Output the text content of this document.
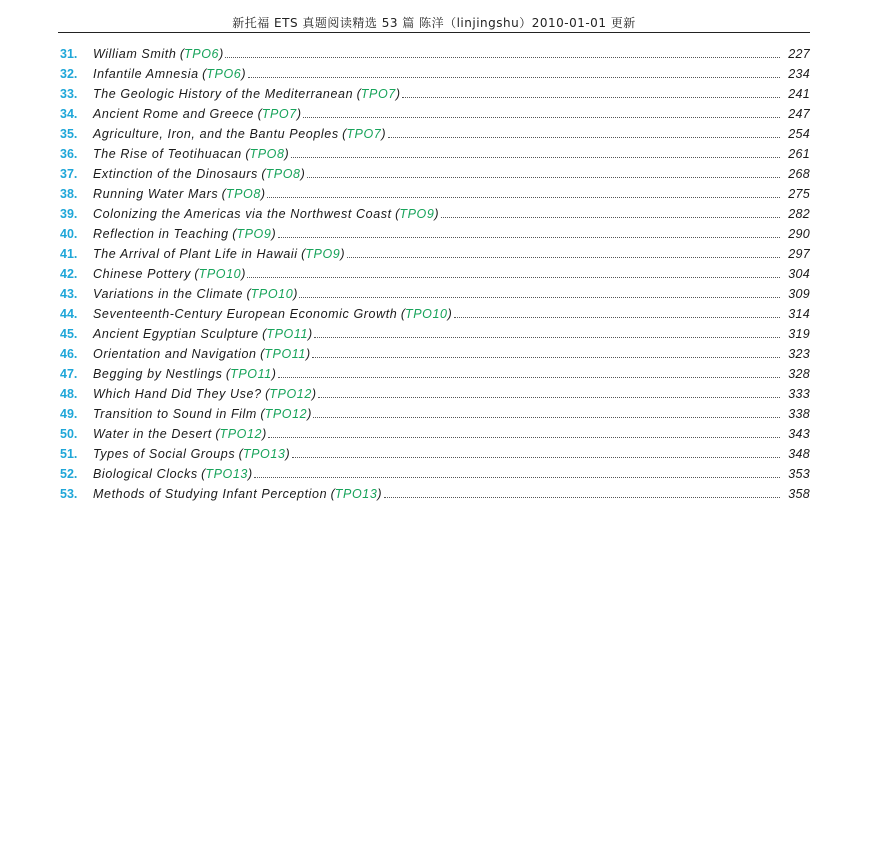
新托福 ETS 真题阅读精选 53 篇 陈洋（linjingshu）2010-01-01 更新
31.	William Smith ( TPO6 )	227
32.	Infantile Amnesia ( TPO6 )	234
33.	The Geologic History of the Mediterranean ( TPO7 )	241
34.	Ancient Rome and Greece ( TPO7 )	247
35.	Agriculture, Iron, and the Bantu Peoples ( TPO7 )	254
36.	The Rise of Teotihuacan ( TPO8 )	261
37.	Extinction of the Dinosaurs ( TPO8 )	268
38.	Running Water Mars ( TPO8 )	275
39.	Colonizing the Americas via the Northwest Coast ( TPO9 )	282
40.	Reflection in Teaching ( TPO9 )	290
41.	The Arrival of Plant Life in Hawaii ( TPO9 )	297
42.	Chinese Pottery ( TPO10 )	304
43.	Variations in the Climate ( TPO10 )	309
44.	Seventeenth-Century European Economic Growth ( TPO10 )	314
45.	Ancient Egyptian Sculpture ( TPO11 )	319
46.	Orientation and Navigation ( TPO11 )	323
47.	Begging by Nestlings ( TPO11 )	328
48.	Which Hand Did They Use? ( TPO12 )	333
49.	Transition to Sound in Film ( TPO12 )	338
50.	Water in the Desert ( TPO12 )	343
51.	Types of Social Groups ( TPO13 )	348
52.	Biological Clocks ( TPO13 )	353
53.	Methods of Studying Infant Perception ( TPO13 )	358
